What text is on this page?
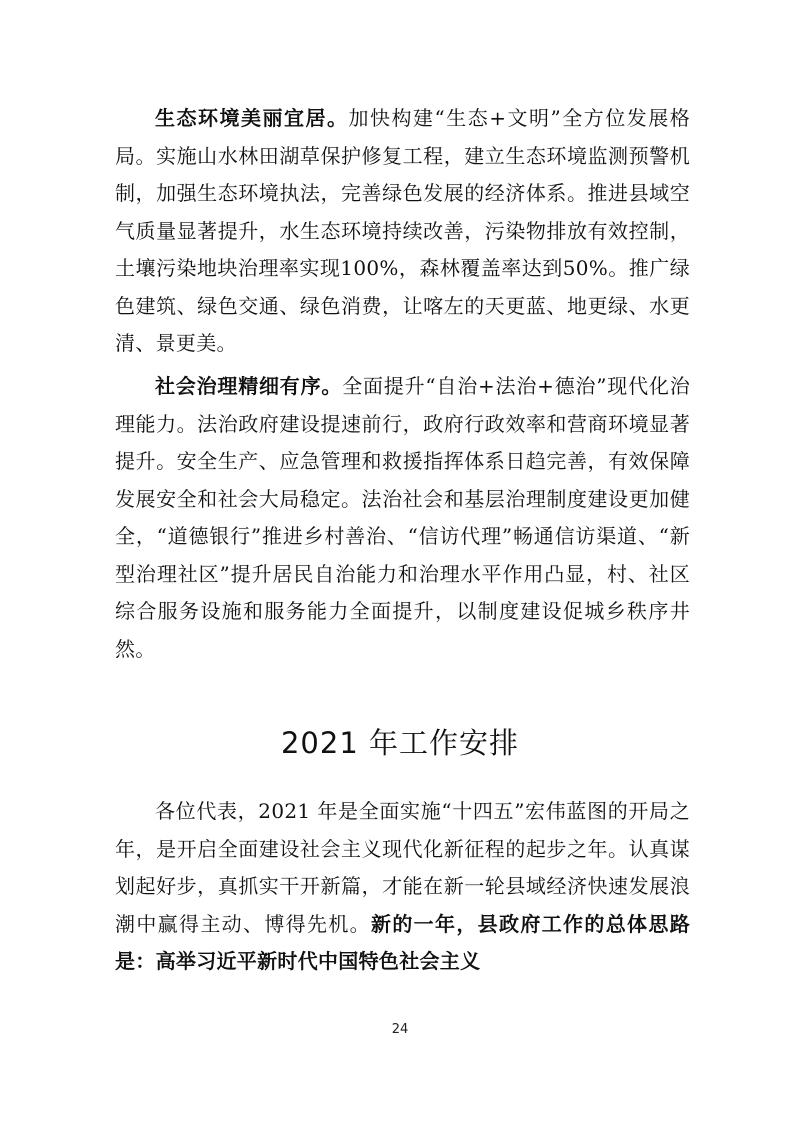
生态环境美丽宜居。加快构建“生态+文明”全方位发展格局。实施山水林田湖草保护修复工程，建立生态环境监测预警机制，加强生态环境执法，完善绿色发展的经济体系。推进县域空气质量显著提升，水生态环境持续改善，污染物排放有效控制，土壤污染地块治理率实现100%，森林覆盖率达到50%。推广绿色建筑、绿色交通、绿色消费，让喀左的天更蓝、地更绿、水更清、景更美。

社会治理精细有序。全面提升“自治+法治+德治”现代化治理能力。法治政府建设提速前行，政府行政效率和营商环境显著提升。安全生产、应急管理和救援指挥体系日趋完善，有效保障发展安全和社会大局稳定。法治社会和基层治理制度建设更加健全，“道德银行”推进乡村善治、“信访代理”畅通信访渠道、“新型治理社区”提升居民自治能力和治理水平作用凸显，村、社区综合服务设施和服务能力全面提升，以制度建设促城乡秩序井然。

2021 年工作安排

各位代表，2021 年是全面实施“十四五”宏伟蓝图的开局之年，是开启全面建设社会主义现代化新征程的起步之年。认真谋划起好步，真抓实干开新篇，才能在新一轮县域经济快速发展浪潮中赢得主动、博得先机。新的一年，县政府工作的总体思路是：高举习近平新时代中国特色社会主义

24
